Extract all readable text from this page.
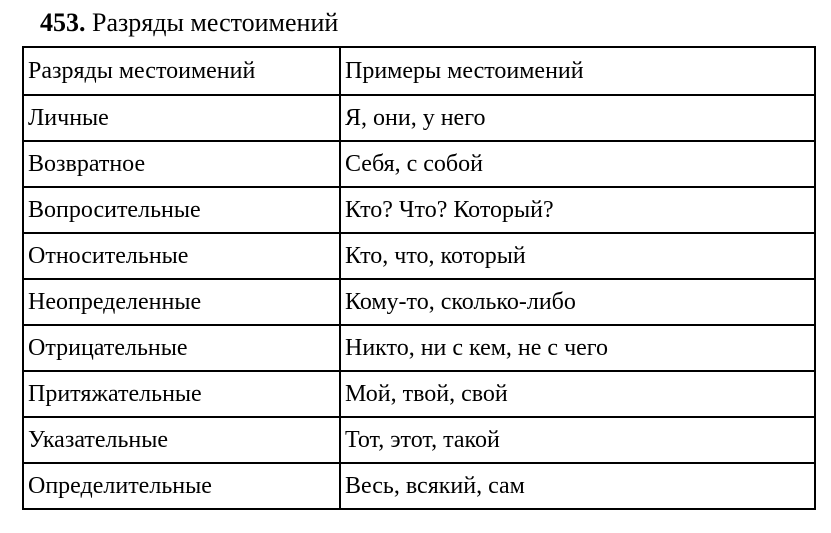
453. Разряды местоимений
Разряды местоимений	Примеры местоимений
Личные	Я, они, у него
Возвратное	Себя, с собой
Вопросительные	Кто? Что? Который?
Относительные	Кто, что, который
Неопределенные	Кому-то, сколько-либо
Отрицательные	Никто, ни с кем, не с чего
Притяжательные	Мой, твой, свой
Указательные	Тот, этот, такой
Определительные	Весь, всякий, сам
